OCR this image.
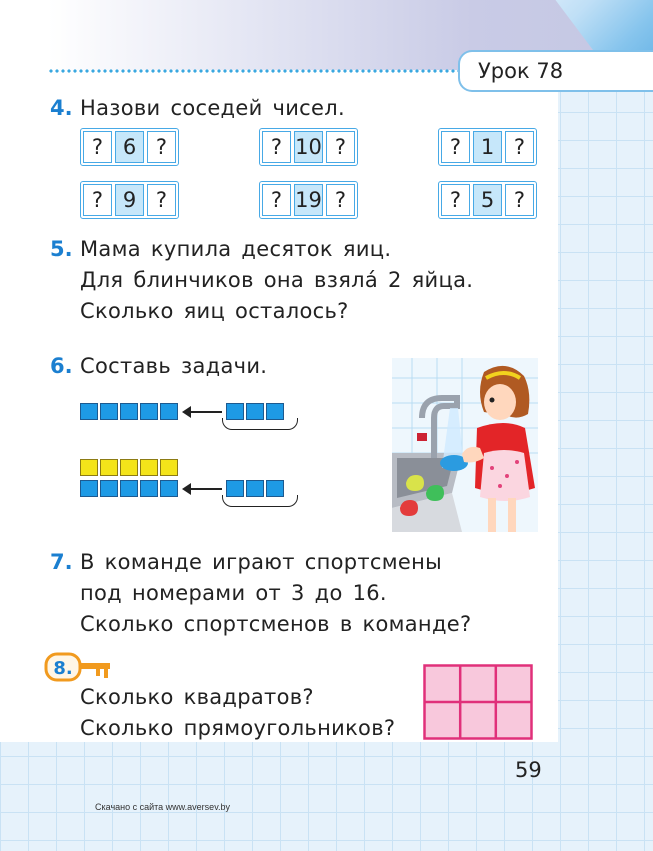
Урок 78
4. Назови соседей чисел.
? 6 ?	? 10 ?	? 1 ?
? 9 ?	? 19 ?	? 5 ?
5. Мама купила десяток яиц.
Для блинчиков она взяла́ 2 яйца.
Сколько яиц осталось?
6. Составь задачи.
7. В команде играют спортсмены
под номерами от 3 до 16.
Сколько спортсменов в команде?
8.
Сколько квадратов?
Сколько прямоугольников?
59
Скачано с сайта www.aversev.by
